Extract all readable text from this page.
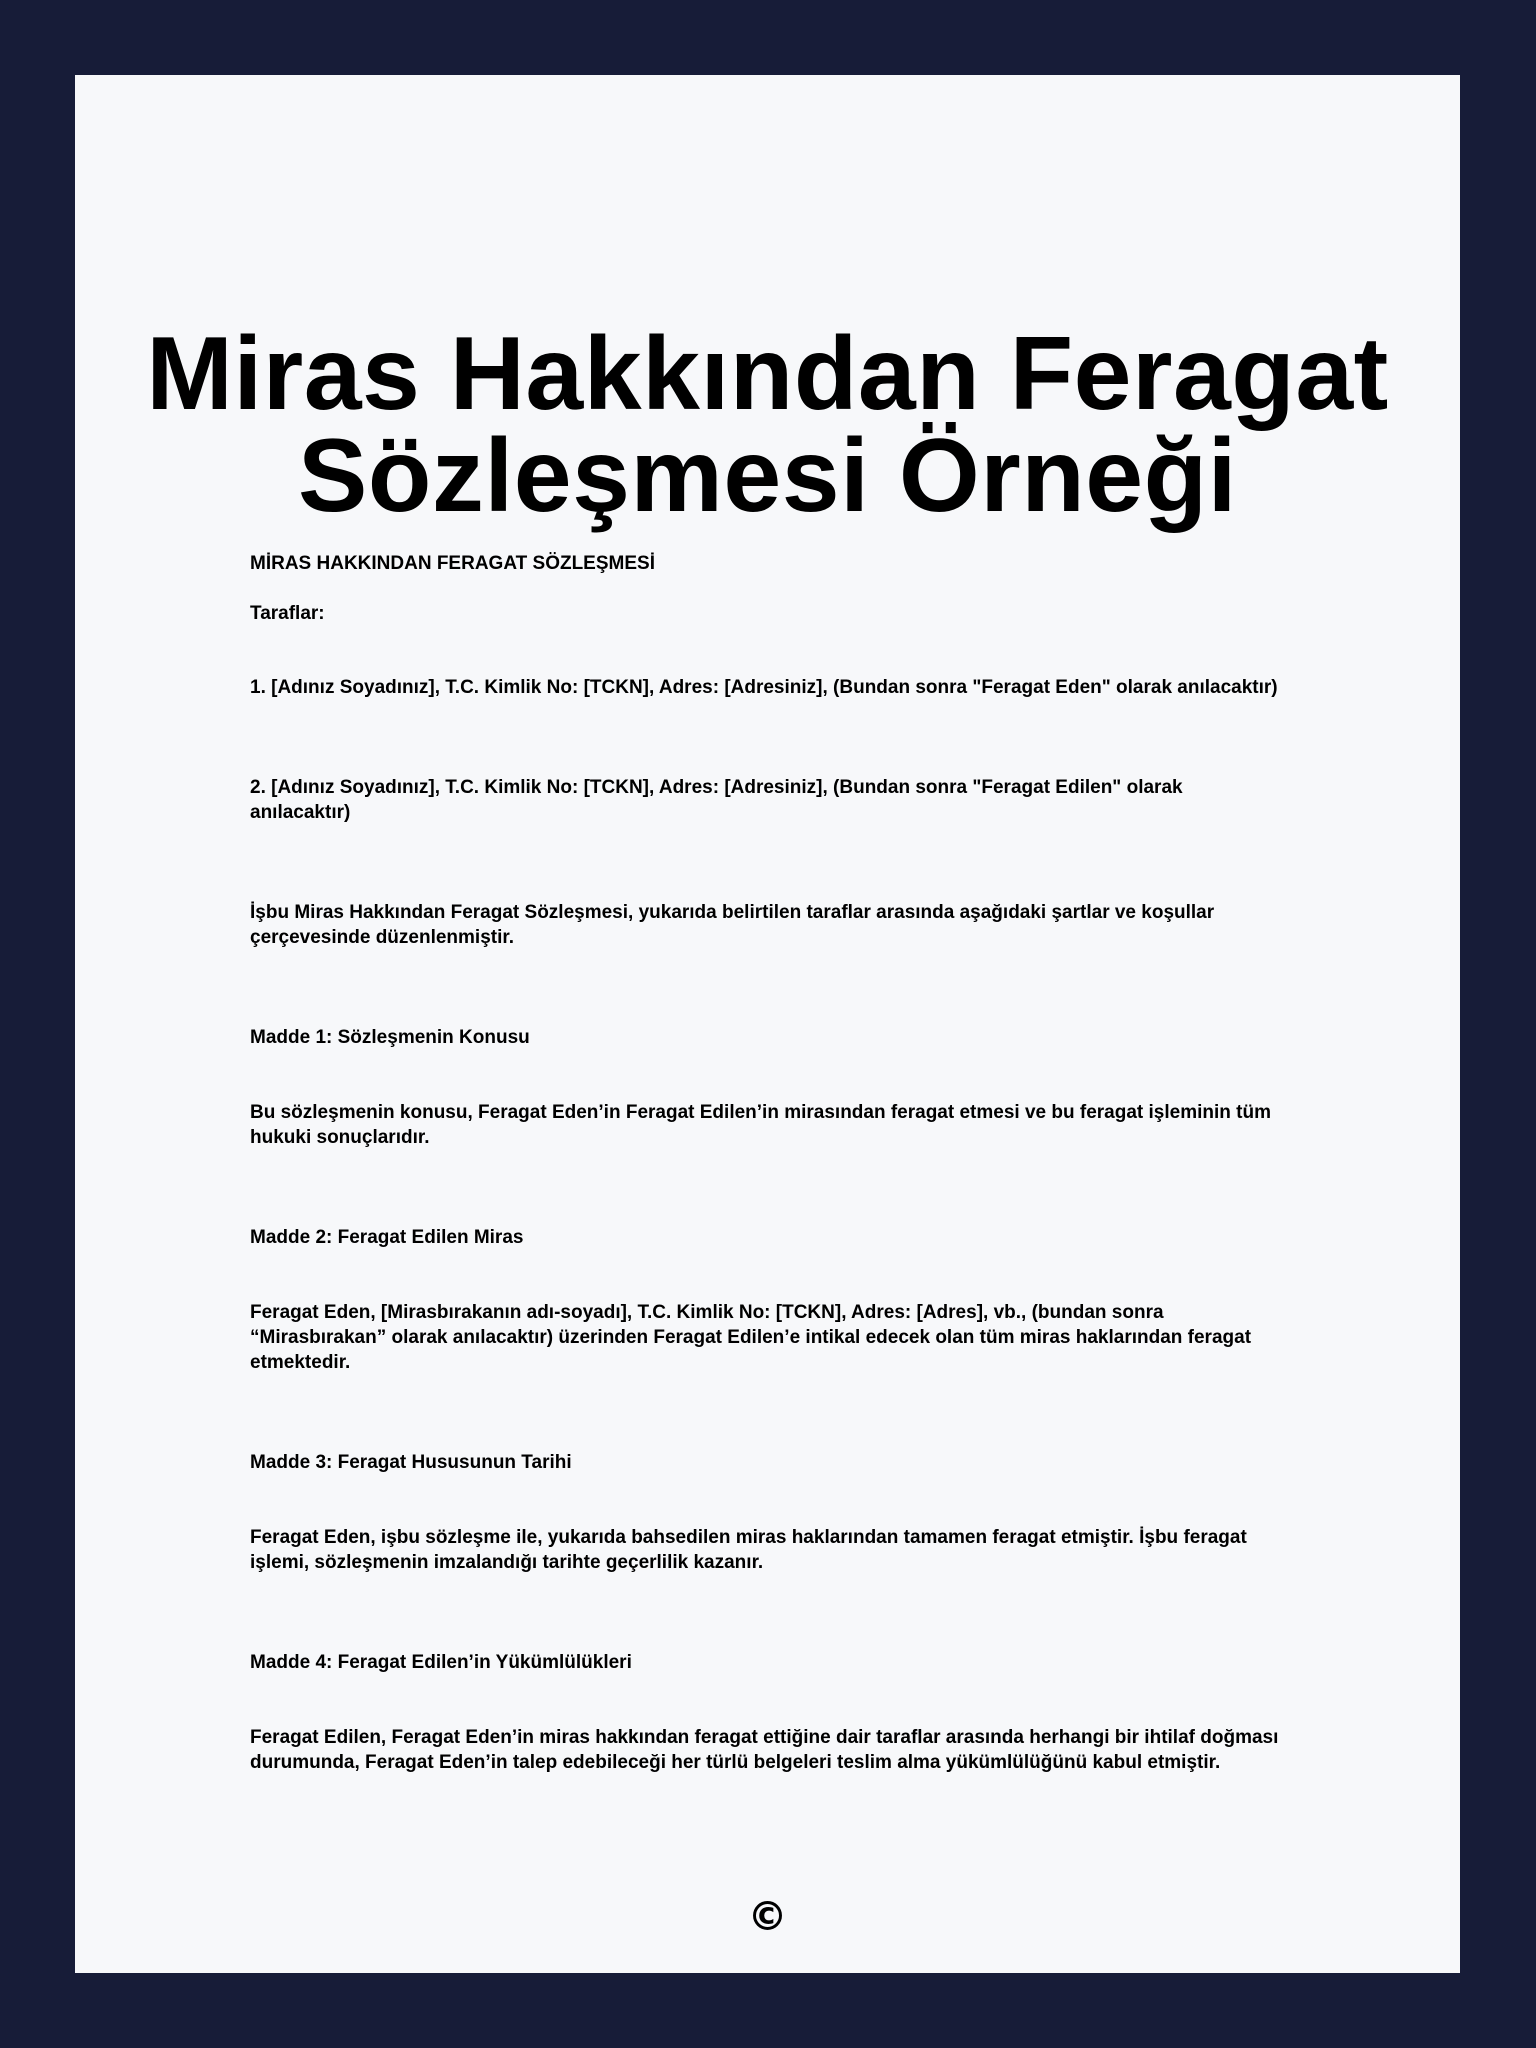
Miras Hakkından Feragat
Sözleşmesi Örneği

MİRAS HAKKINDAN FERAGAT SÖZLEŞMESİ

Taraflar:

1. [Adınız Soyadınız], T.C. Kimlik No: [TCKN], Adres: [Adresiniz], (Bundan sonra "Feragat Eden" olarak anılacaktır)

2. [Adınız Soyadınız], T.C. Kimlik No: [TCKN], Adres: [Adresiniz], (Bundan sonra "Feragat Edilen" olarak anılacaktır)

İşbu Miras Hakkından Feragat Sözleşmesi, yukarıda belirtilen taraflar arasında aşağıdaki şartlar ve koşullar çerçevesinde düzenlenmiştir.

Madde 1: Sözleşmenin Konusu

Bu sözleşmenin konusu, Feragat Eden’in Feragat Edilen’in mirasından feragat etmesi ve bu feragat işleminin tüm hukuki sonuçlarıdır.

Madde 2: Feragat Edilen Miras

Feragat Eden, [Mirasbırakanın adı-soyadı], T.C. Kimlik No: [TCKN], Adres: [Adres], vb., (bundan sonra “Mirasbırakan” olarak anılacaktır) üzerinden Feragat Edilen’e intikal edecek olan tüm miras haklarından feragat etmektedir.

Madde 3: Feragat Hususunun Tarihi

Feragat Eden, işbu sözleşme ile, yukarıda bahsedilen miras haklarından tamamen feragat etmiştir. İşbu feragat işlemi, sözleşmenin imzalandığı tarihte geçerlilik kazanır.

Madde 4: Feragat Edilen’in Yükümlülükleri

Feragat Edilen, Feragat Eden’in miras hakkından feragat ettiğine dair taraflar arasında herhangi bir ihtilaf doğması durumunda, Feragat Eden’in talep edebileceği her türlü belgeleri teslim alma yükümlülüğünü kabul etmiştir.

©
